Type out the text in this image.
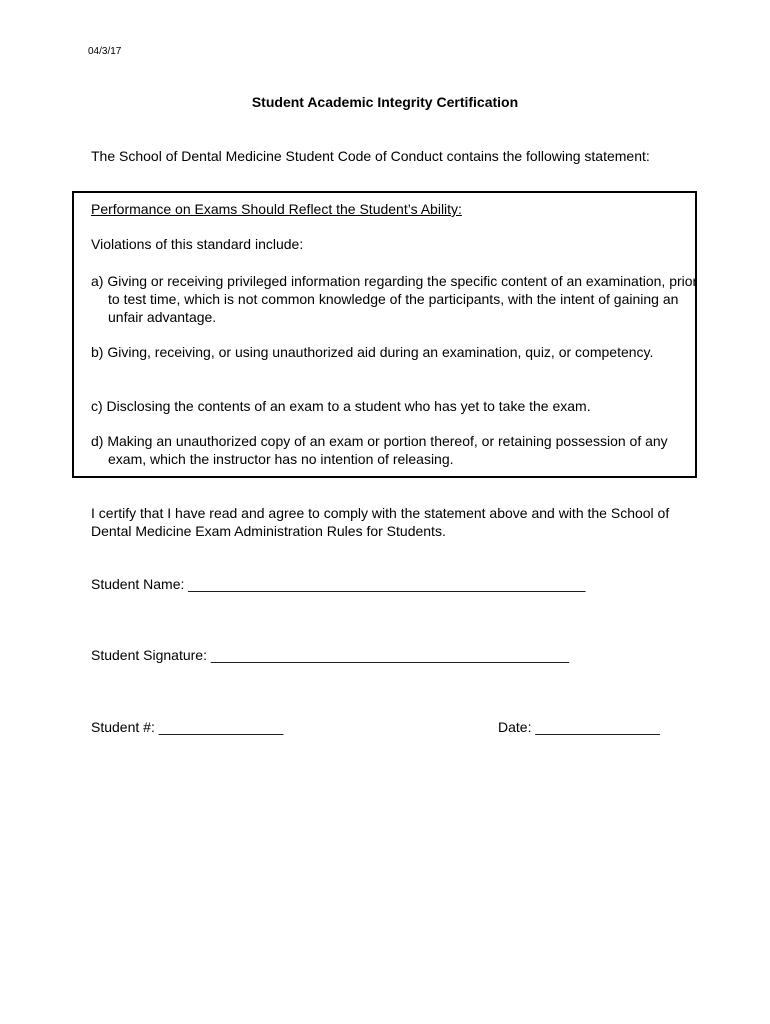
04/3/17
Student Academic Integrity Certification
The School of Dental Medicine Student Code of Conduct contains the following statement:
Performance on Exams Should Reflect the Student’s Ability:
Violations of this standard include:
a) Giving or receiving privileged information regarding the specific content of an examination, prior to test time, which is not common knowledge of the participants, with the intent of gaining an unfair advantage.
b) Giving, receiving, or using unauthorized aid during an examination, quiz, or competency.
c) Disclosing the contents of an exam to a student who has yet to take the exam.
d) Making an unauthorized copy of an exam or portion thereof, or retaining possession of any exam, which the instructor has no intention of releasing.
I certify that I have read and agree to comply with the statement above and with the School of Dental Medicine Exam Administration Rules for Students.
Student Name: ___________________________________________________
Student Signature: ______________________________________________
Student #: ________________	Date: ________________
